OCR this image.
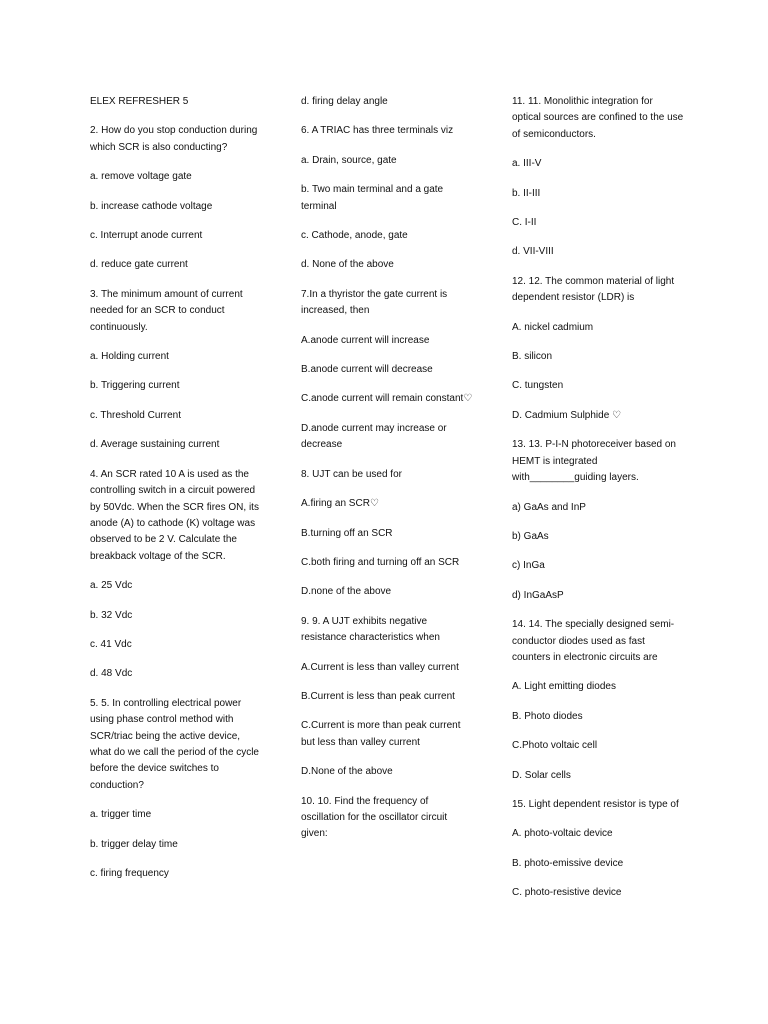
ELEX REFRESHER 5

2. How do you stop conduction during which SCR is also conducting?

a. remove voltage gate

b. increase cathode voltage

c. Interrupt anode current

d. reduce gate current

3. The minimum amount of current needed for an SCR to conduct continuously.

a. Holding current

b. Triggering current

c. Threshold Current

d. Average sustaining current

4. An SCR rated 10 A is used as the controlling switch in a circuit powered by 50Vdc. When the SCR fires ON, its anode (A) to cathode (K) voltage was observed to be 2 V. Calculate the breakback voltage of the SCR.

a. 25 Vdc

b. 32 Vdc

c. 41 Vdc

d. 48 Vdc

5. 5. In controlling electrical power using phase control method with SCR/triac being the active device, what do we call the period of the cycle before the device switches to conduction?

a. trigger time

b. trigger delay time

c. firing frequency

d. firing delay angle

6. A TRIAC has three terminals viz

a. Drain, source, gate

b. Two main terminal and a gate terminal

c. Cathode, anode, gate

d. None of the above

7.In a thyristor the gate current is increased, then

A.anode current will increase

B.anode current will decrease

C.anode current will remain constant♡

D.anode current may increase or decrease

8. UJT can be used for

A.firing an SCR♡

B.turning off an SCR

C.both firing and turning off an SCR

D.none of the above

9. 9. A UJT exhibits negative resistance characteristics when

A.Current is less than valley current

B.Current is less than peak current

C.Current is more than peak current but less than valley current

D.None of the above

10. 10. Find the frequency of oscillation for the oscillator circuit given:

11. 11. Monolithic integration for optical sources are confined to the use of semiconductors.

a. III-V

b. II-III

C. I-II

d. VII-VIII

12. 12. The common material of light dependent resistor (LDR) is

A. nickel cadmium

B. silicon

C. tungsten

D. Cadmium Sulphide ♡

13. 13. P-I-N photoreceiver based on HEMT is integrated with________guiding layers.

a) GaAs and InP

b) GaAs

c) InGa

d) InGaAsP

14. 14. The specially designed semi-conductor diodes used as fast counters in electronic circuits are

A. Light emitting diodes

B. Photo diodes

C.Photo voltaic cell

D. Solar cells

15. Light dependent resistor is type of

A. photo-voltaic device

B. photo-emissive device

C. photo-resistive device
